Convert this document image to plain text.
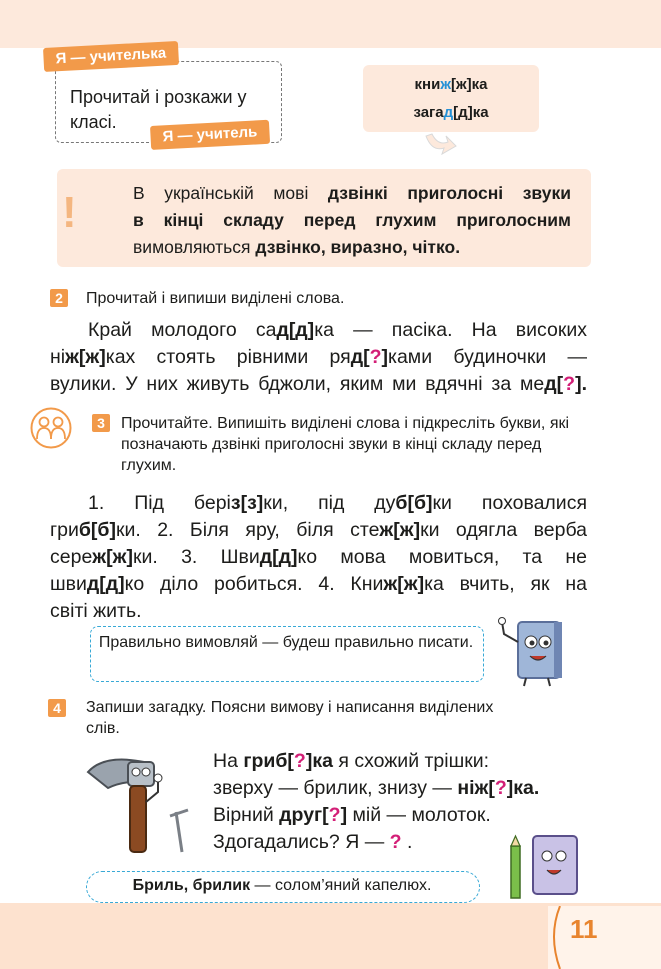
Я — учителька
Прочитай і розкажи у класі.
Я — учитель
книж[ж]ка
загад[д]ка
!	В українській мові дзвінкі приголосні звуки
в кінці складу перед глухим приголосним
вимовляються дзвінко, виразно, чітко.
2	Прочитай і випиши виділені слова.
Край молодого сад[д]ка — пасіка. На високих
ніж[ж]ках стоять рівними ряд[?]ками будиночки —
вулики. У них живуть бджоли, яким ми вдячні за мед[?].
3	Прочитайте. Випишіть виділені слова і підкресліть букви, які позначають дзвінкі приголосні звуки в кінці складу перед глухим.
1. Під беріз[з]ки, під дуб[б]ки поховалися
гриб[б]ки. 2. Біля яру, біля стеж[ж]ки одягла верба
сереж[ж]ки. 3. Швид[д]ко мова мовиться, та не
швид[д]ко діло робиться. 4. Книж[ж]ка вчить, як на
світі жить.
Правильно вимовляй — будеш правильно писати.
4	Запиши загадку. Поясни вимову і написання виділених слів.
На гриб[?]ка я схожий трішки:
зверху — брилик, знизу — ніж[?]ка.
Вірний друг[?] мій — молоток.
Здогадались? Я — ? .
Бриль, брилик — солом’яний капелюх.
11
